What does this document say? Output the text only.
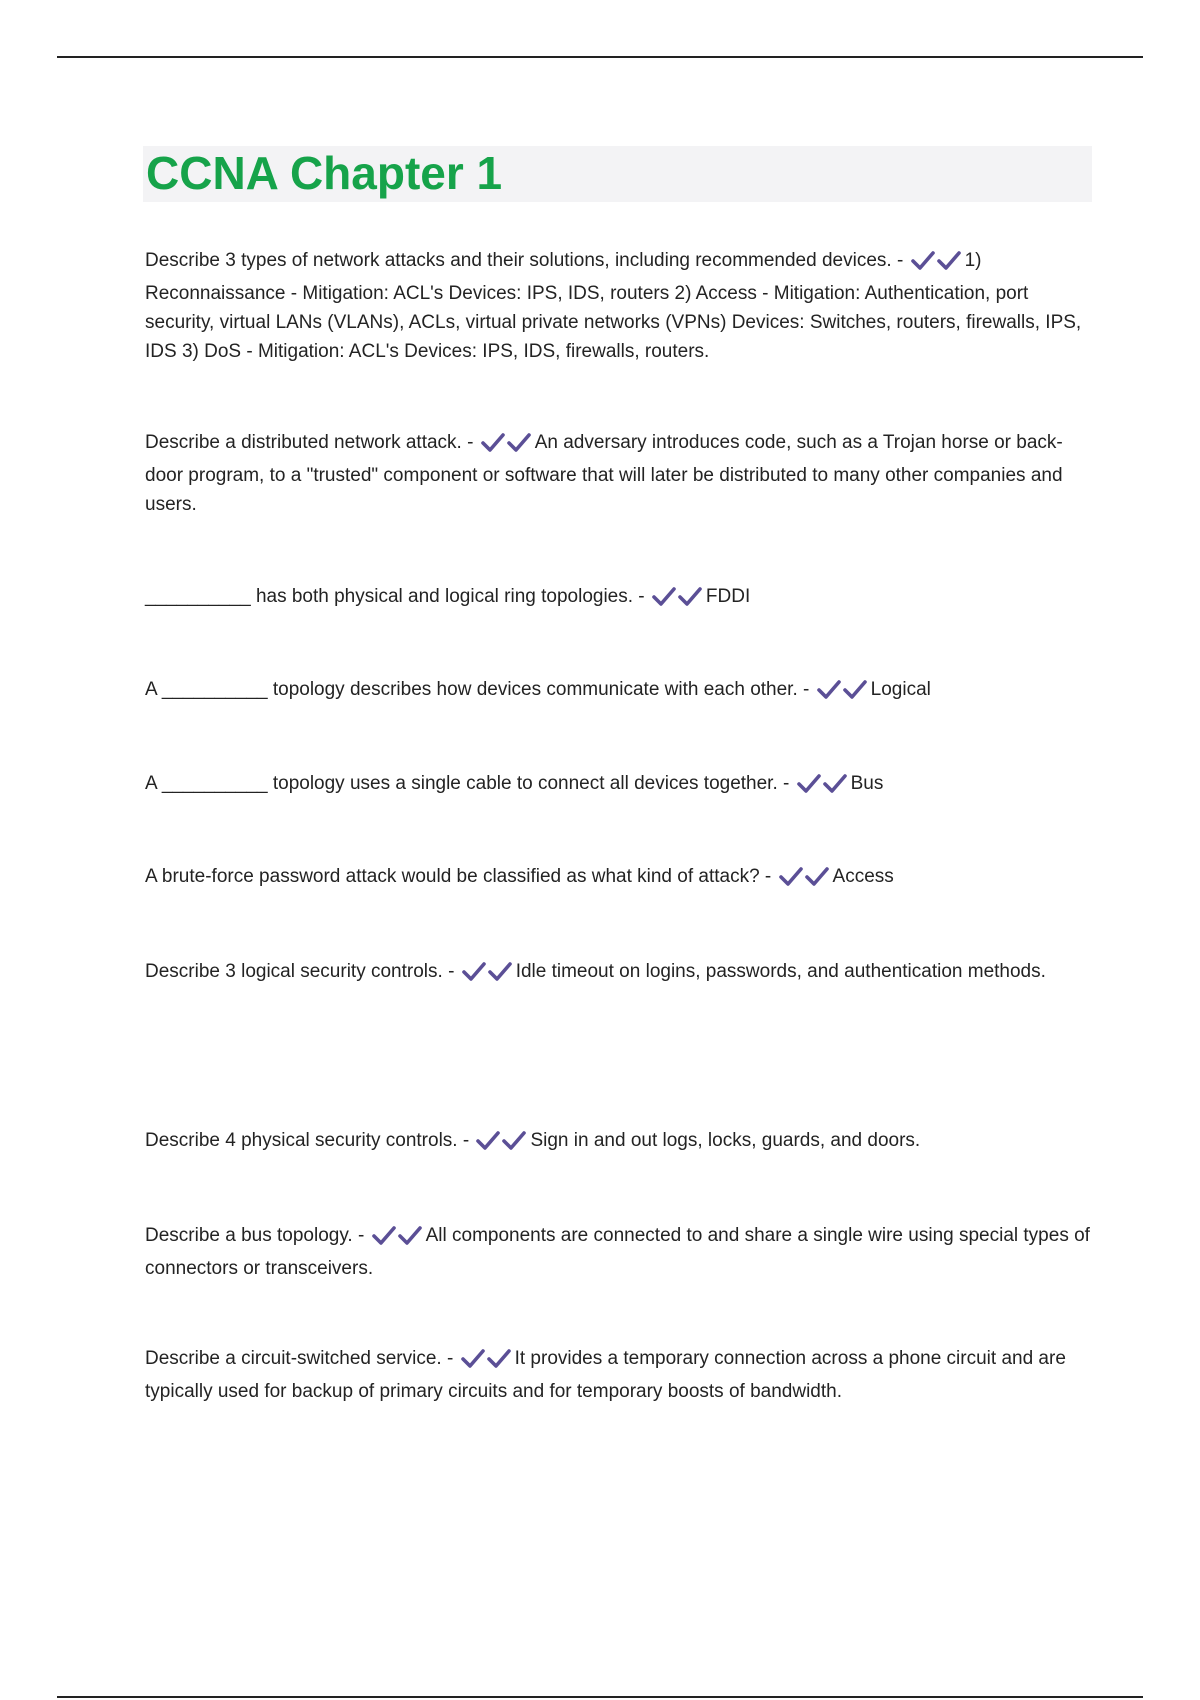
CCNA Chapter 1

Describe 3 types of network attacks and their solutions, including recommended devices. -	1) Reconnaissance - Mitigation: ACL's Devices: IPS, IDS, routers 2) Access - Mitigation: Authentication, port security, virtual LANs (VLANs), ACLs, virtual private networks (VPNs) Devices: Switches, routers, firewalls, IPS, IDS 3) DoS - Mitigation: ACL's Devices: IPS, IDS, firewalls, routers.

Describe a distributed network attack. -	An adversary introduces code, such as a Trojan horse or back-door program, to a "trusted" component or software that will later be distributed to many other companies and users.

__________ has both physical and logical ring topologies. -	FDDI

A __________ topology describes how devices communicate with each other. -	Logical

A __________ topology uses a single cable to connect all devices together. -	Bus

A brute-force password attack would be classified as what kind of attack? -	Access

Describe 3 logical security controls. -	Idle timeout on logins, passwords, and authentication methods.

Describe 4 physical security controls. -	Sign in and out logs, locks, guards, and doors.

Describe a bus topology. -	All components are connected to and share a single wire using special types of connectors or transceivers.

Describe a circuit-switched service. -	It provides a temporary connection across a phone circuit and are typically used for backup of primary circuits and for temporary boosts of bandwidth.
